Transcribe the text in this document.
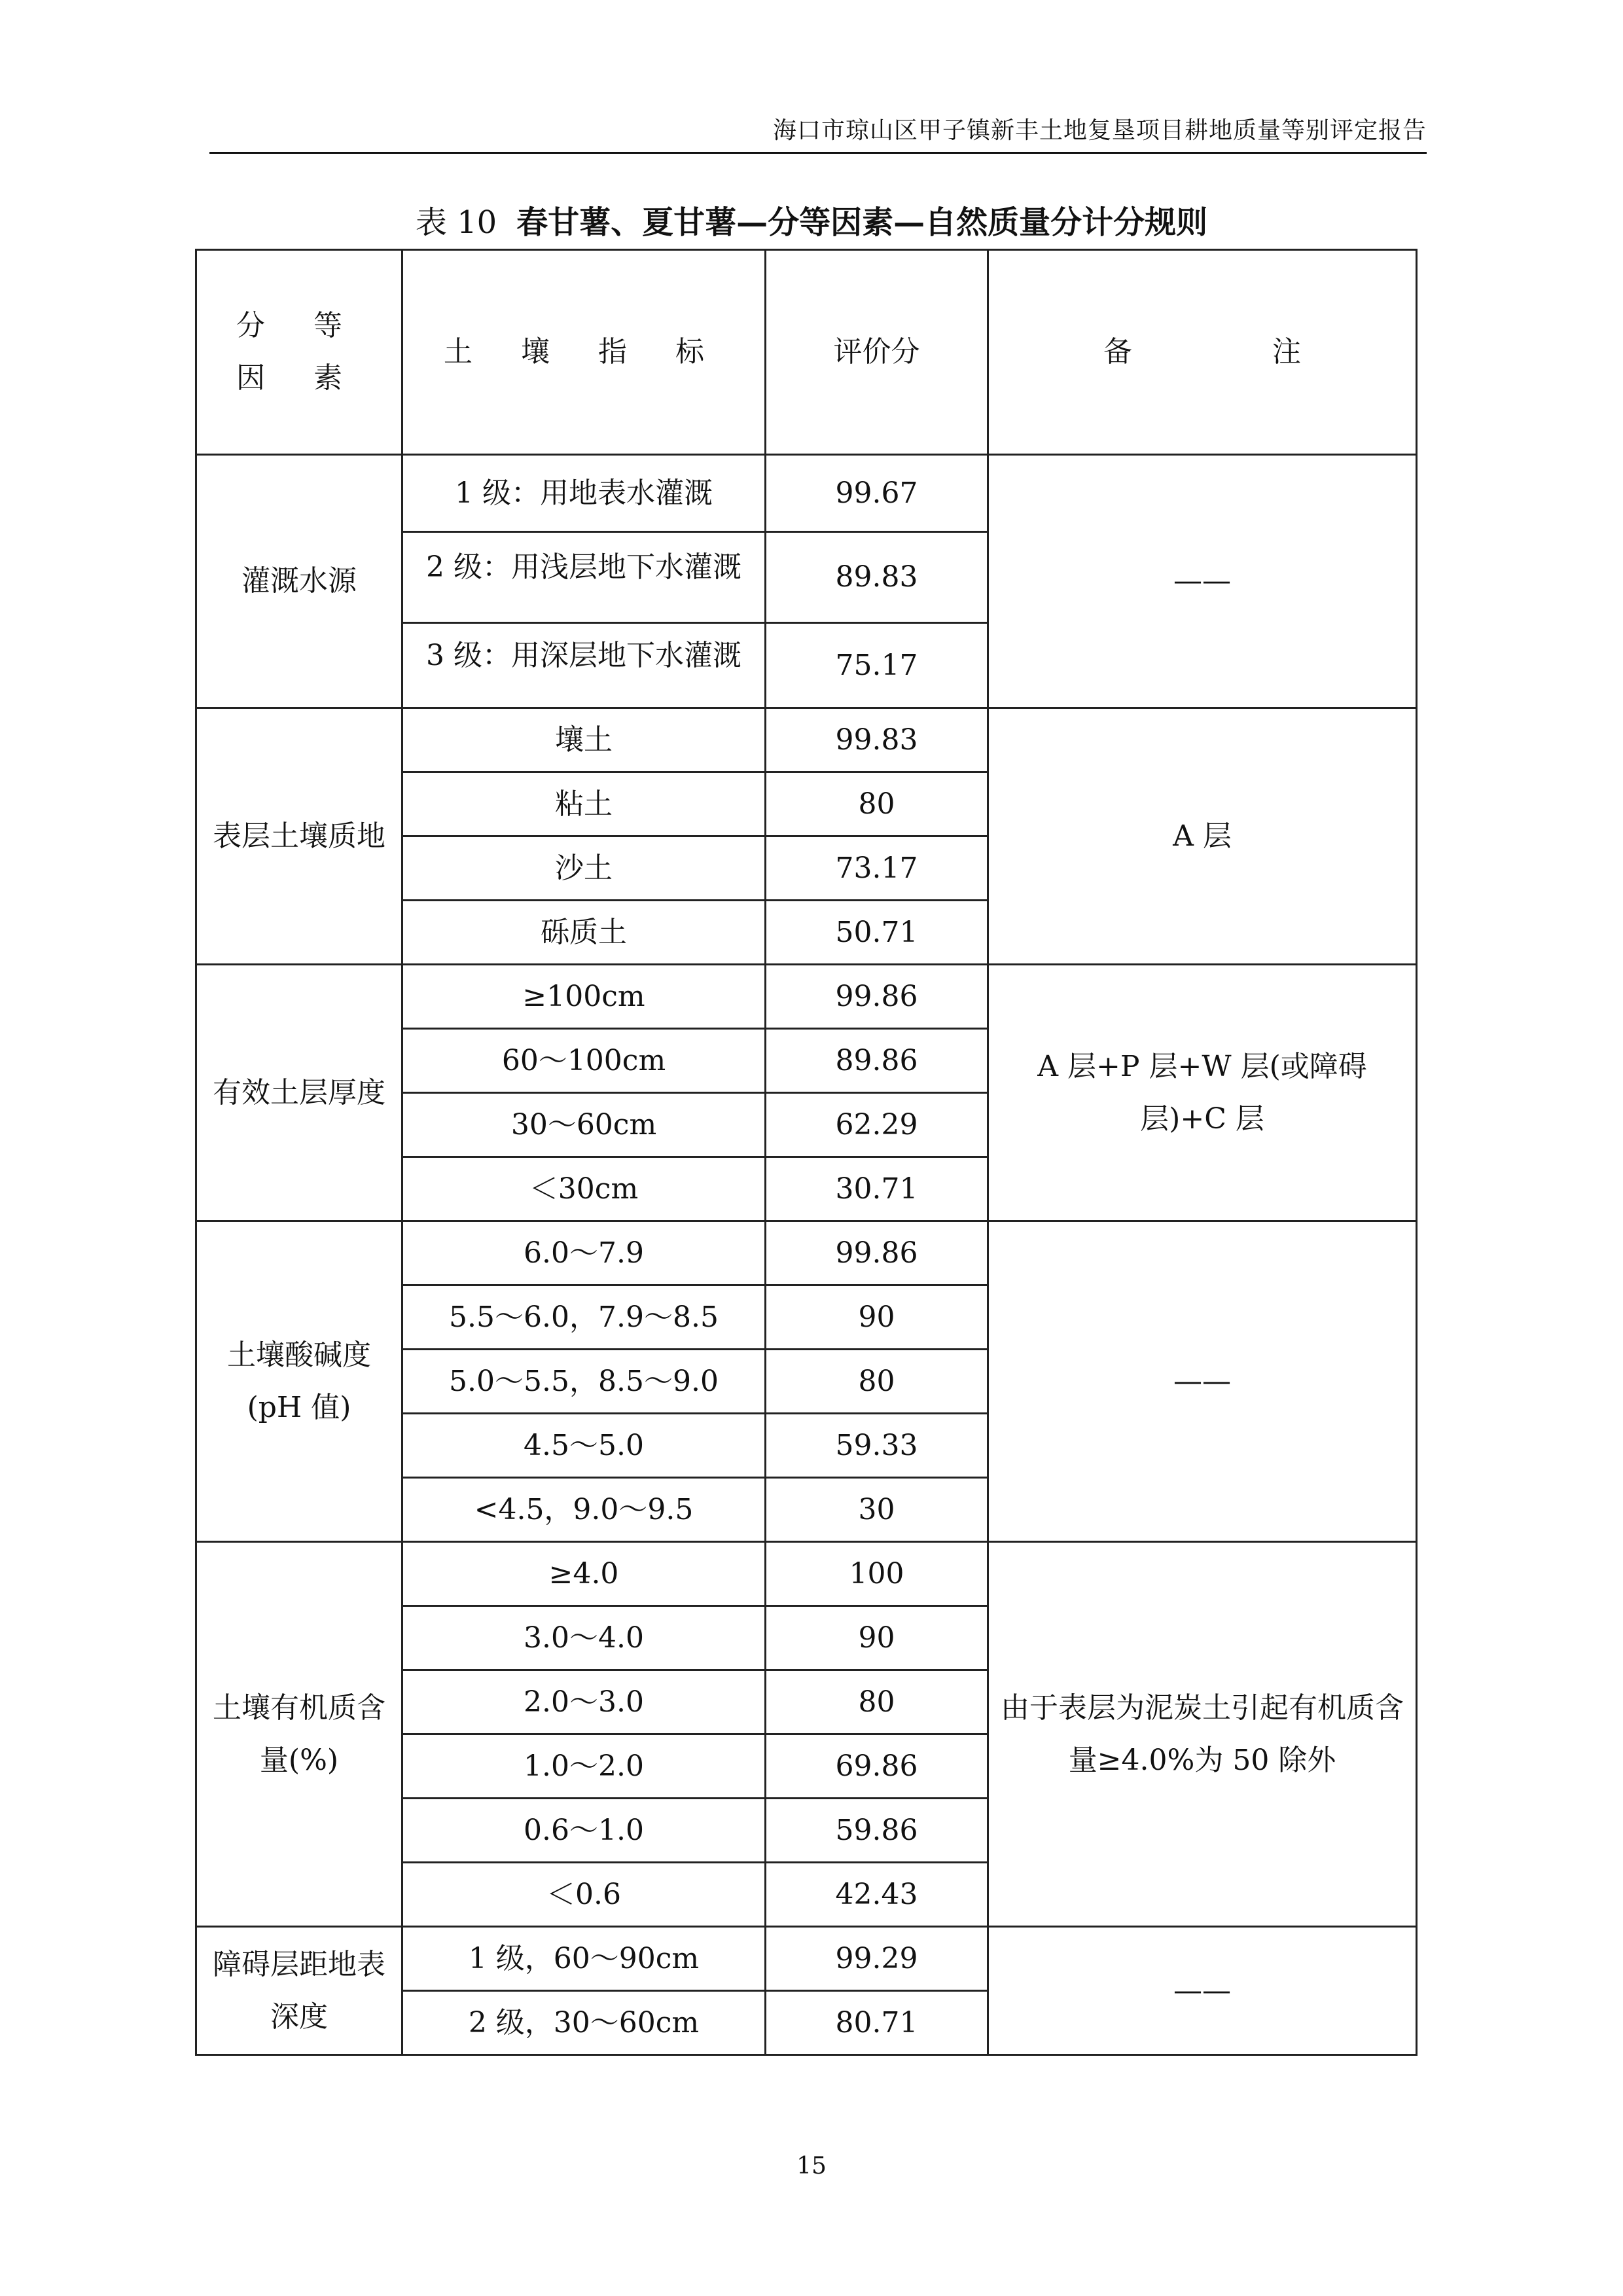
海口市琼山区甲子镇新丰土地复垦项目耕地质量等别评定报告
表 10 春甘薯、夏甘薯—分等因素—自然质量分计分规则
分 等 因 素	土 壤 指 标	评价分	备 注
灌溉水源	1 级：用地表水灌溉	99.67	——

	2 级：用浅层地下水灌溉	89.83	

	3 级：用深层地下水灌溉	75.17	
表层土壤质地	壤土	99.83	A 层
	粘土	80	
	沙土	73.17	
	砾质土	50.71	
有效土层厚度	≥100cm	99.86	A 层+P 层+W 层(或障碍层)+C 层
	60～100cm	89.86	
	30～60cm	62.29	
	＜30cm	30.71	
土壤酸碱度(pH 值)	6.0～7.9	99.86	——
	5.5～6.0，7.9～8.5	90	
	5.0～5.5，8.5～9.0	80	
	4.5～5.0	59.33	
	<4.5，9.0～9.5	30	
土壤有机质含量(%)	≥4.0	100	由于表层为泥炭土引起有机质含量≥4.0%为 50 除外
	3.0～4.0	90	
	2.0～3.0	80	
	1.0～2.0	69.86	
	0.6～1.0	59.86	
	＜0.6	42.43	
障碍层距地表深度	1 级，60～90cm	99.29	——
	2 级，30～60cm	80.71	
15
